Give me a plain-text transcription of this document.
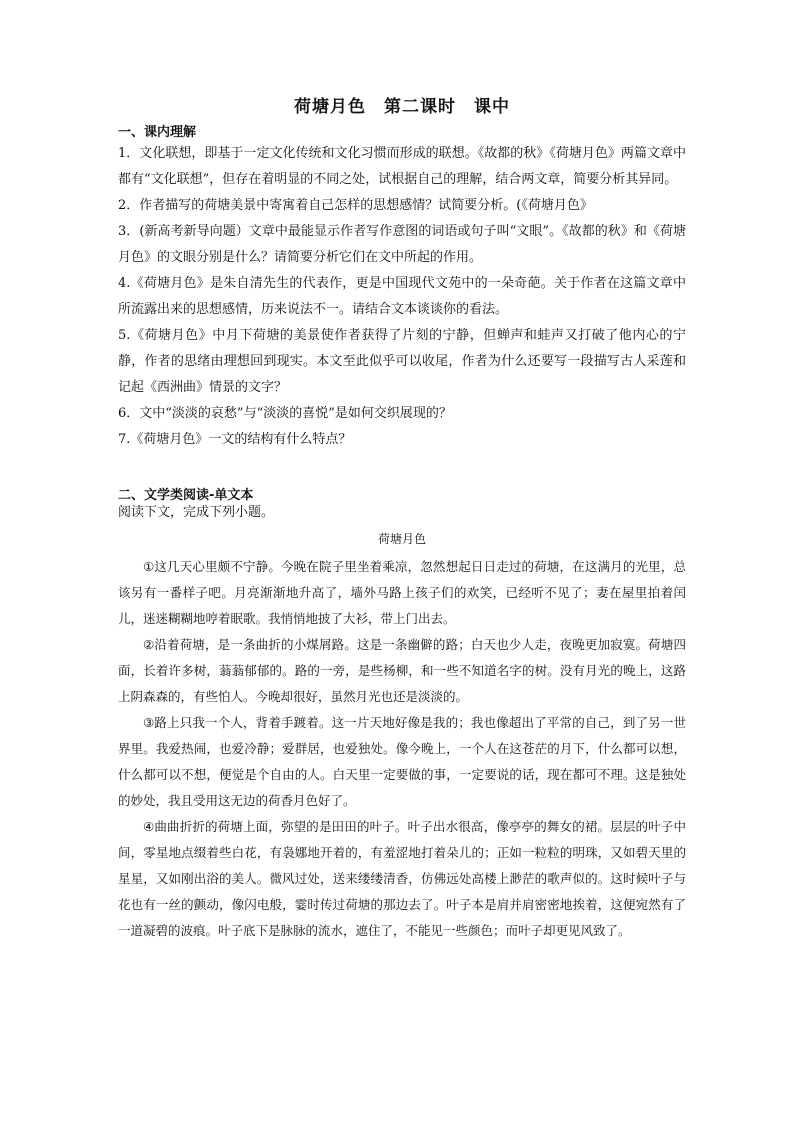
荷塘月色　第二课时　课中

一、课内理解

1．文化联想，即基于一定文化传统和文化习惯而形成的联想。《故都的秋》《荷塘月色》两篇文章中都有“文化联想”，但存在着明显的不同之处，试根据自己的理解，结合两文章，简要分析其异同。

2．作者描写的荷塘美景中寄寓着自己怎样的思想感情？试简要分析。(《荷塘月色》

3．(新高考新导向题）文章中最能显示作者写作意图的词语或句子叫“文眼”。《故都的秋》和《荷塘月色》的文眼分别是什么？请简要分析它们在文中所起的作用。

4.《荷塘月色》是朱自清先生的代表作，更是中国现代文苑中的一朵奇葩。关于作者在这篇文章中所流露出来的思想感情，历来说法不一。请结合文本谈谈你的看法。

5.《荷塘月色》中月下荷塘的美景使作者获得了片刻的宁静，但蝉声和蛙声又打破了他内心的宁静，作者的思绪由理想回到现实。本文至此似乎可以收尾，作者为什么还要写一段描写古人采莲和记起《西洲曲》情景的文字？

6．文中“淡淡的哀愁”与“淡淡的喜悦”是如何交织展现的？

7.《荷塘月色》一文的结构有什么特点？

二、文学类阅读-单文本

阅读下文，完成下列小题。

荷塘月色

①这几天心里颇不宁静。今晚在院子里坐着乘凉，忽然想起日日走过的荷塘，在这满月的光里，总该另有一番样子吧。月亮渐渐地升高了，墙外马路上孩子们的欢笑，已经听不见了；妻在屋里拍着闰儿，迷迷糊糊地哼着眠歌。我悄悄地披了大衫，带上门出去。

②沿着荷塘，是一条曲折的小煤屑路。这是一条幽僻的路；白天也少人走，夜晚更加寂寞。荷塘四面，长着许多树，蓊蓊郁郁的。路的一旁，是些杨柳，和一些不知道名字的树。没有月光的晚上，这路上阴森森的，有些怕人。今晚却很好，虽然月光也还是淡淡的。

③路上只我一个人，背着手踱着。这一片天地好像是我的；我也像超出了平常的自己，到了另一世界里。我爱热闹，也爱冷静；爱群居，也爱独处。像今晚上，一个人在这苍茫的月下，什么都可以想，什么都可以不想，便觉是个自由的人。白天里一定要做的事，一定要说的话，现在都可不理。这是独处的妙处，我且受用这无边的荷香月色好了。

④曲曲折折的荷塘上面，弥望的是田田的叶子。叶子出水很高，像亭亭的舞女的裙。层层的叶子中间，零星地点缀着些白花，有袅娜地开着的，有羞涩地打着朵儿的；正如一粒粒的明珠，又如碧天里的星星，又如刚出浴的美人。微风过处，送来缕缕清香，仿佛远处高楼上渺茫的歌声似的。这时候叶子与花也有一丝的颤动，像闪电般，霎时传过荷塘的那边去了。叶子本是肩并肩密密地挨着，这便宛然有了一道凝碧的波痕。叶子底下是脉脉的流水，遮住了，不能见一些颜色；而叶子却更见风致了。
